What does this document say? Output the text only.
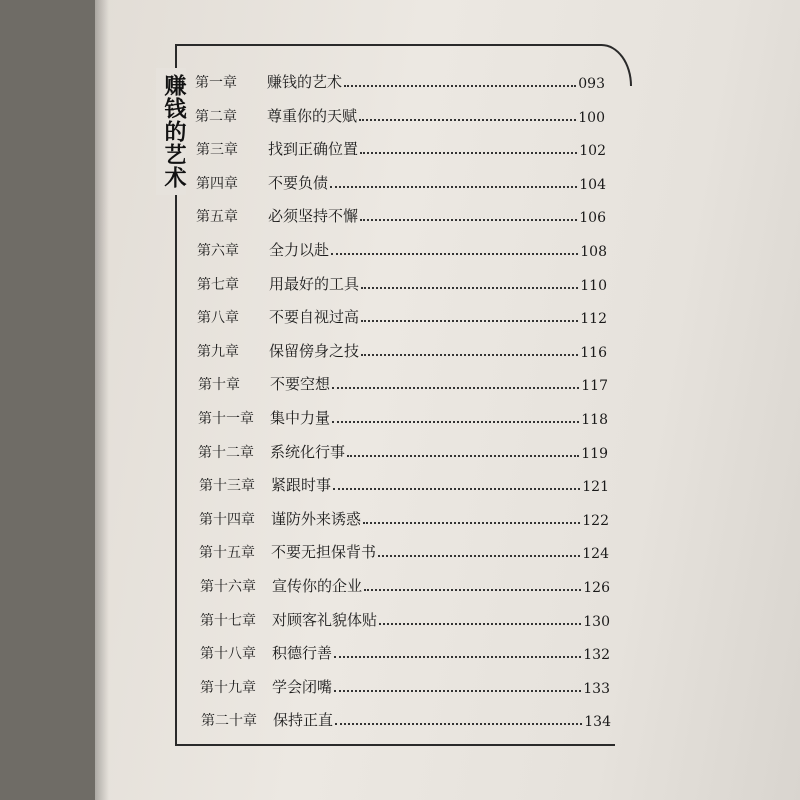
赚钱的艺术 第一章	赚钱的艺术	093
第二章	尊重你的天赋	100
第三章	找到正确位置	102
第四章	不要负债	104
第五章	必须坚持不懈	106
第六章	全力以赴	108
第七章	用最好的工具	110
第八章	不要自视过高	112
第九章	保留傍身之技	116
第十章	不要空想	117
第十一章	集中力量	118
第十二章	系统化行事	119
第十三章	紧跟时事	121
第十四章	谨防外来诱惑	122
第十五章	不要无担保背书	124
第十六章	宣传你的企业	126
第十七章	对顾客礼貌体贴	130
第十八章	积德行善	132
第十九章	学会闭嘴	133
第二十章	保持正直	134
